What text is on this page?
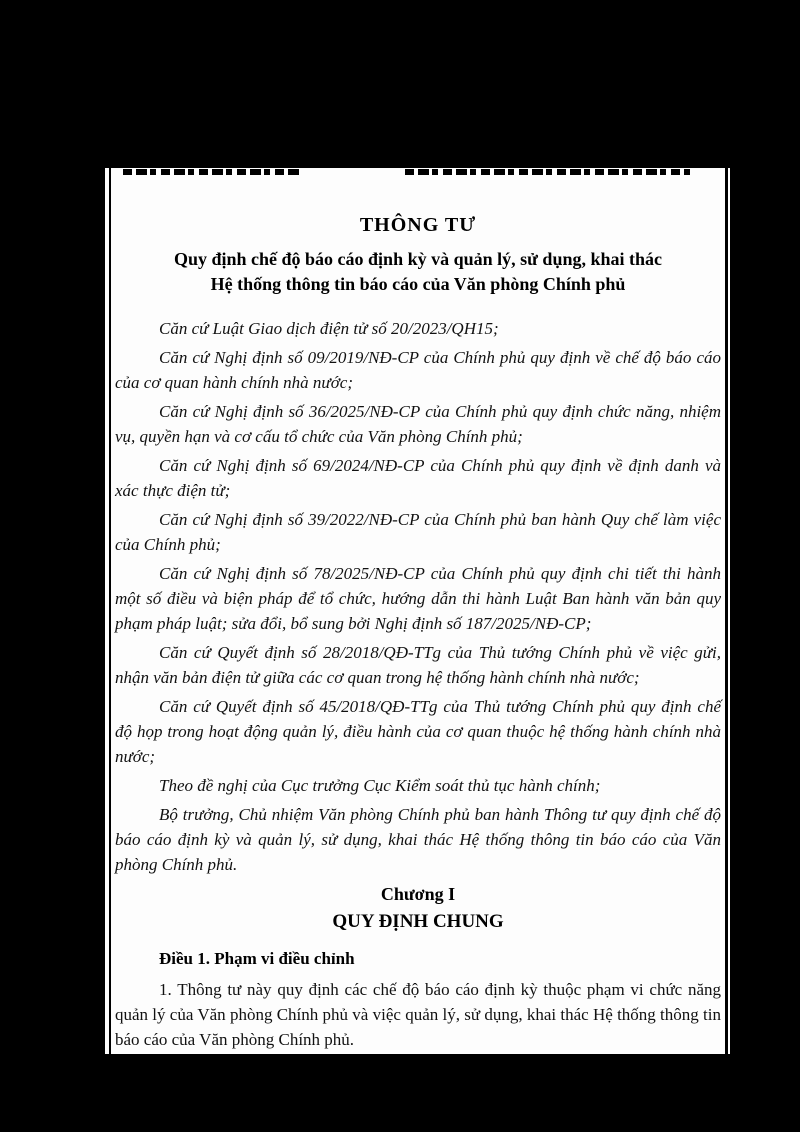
THÔNG TƯ
Quy định chế độ báo cáo định kỳ và quản lý, sử dụng, khai thác
Hệ thống thông tin báo cáo của Văn phòng Chính phủ

Căn cứ Luật Giao dịch điện tử số 20/2023/QH15;

Căn cứ Nghị định số 09/2019/NĐ-CP của Chính phủ quy định về chế độ báo cáo của cơ quan hành chính nhà nước;

Căn cứ Nghị định số 36/2025/NĐ-CP của Chính phủ quy định chức năng, nhiệm vụ, quyền hạn và cơ cấu tổ chức của Văn phòng Chính phủ;

Căn cứ Nghị định số 69/2024/NĐ-CP của Chính phủ quy định về định danh và xác thực điện tử;

Căn cứ Nghị định số 39/2022/NĐ-CP của Chính phủ ban hành Quy chế làm việc của Chính phủ;

Căn cứ Nghị định số 78/2025/NĐ-CP của Chính phủ quy định chi tiết thi hành một số điều và biện pháp để tổ chức, hướng dẫn thi hành Luật Ban hành văn bản quy phạm pháp luật; sửa đổi, bổ sung bởi Nghị định số 187/2025/NĐ-CP;

Căn cứ Quyết định số 28/2018/QĐ-TTg của Thủ tướng Chính phủ về việc gửi, nhận văn bản điện tử giữa các cơ quan trong hệ thống hành chính nhà nước;

Căn cứ Quyết định số 45/2018/QĐ-TTg của Thủ tướng Chính phủ quy định chế độ họp trong hoạt động quản lý, điều hành của cơ quan thuộc hệ thống hành chính nhà nước;

Theo đề nghị của Cục trưởng Cục Kiểm soát thủ tục hành chính;

Bộ trưởng, Chủ nhiệm Văn phòng Chính phủ ban hành Thông tư quy định chế độ báo cáo định kỳ và quản lý, sử dụng, khai thác Hệ thống thông tin báo cáo của Văn phòng Chính phủ.

Chương I
QUY ĐỊNH CHUNG
Điều 1. Phạm vi điều chỉnh

1. Thông tư này quy định các chế độ báo cáo định kỳ thuộc phạm vi chức năng quản lý của Văn phòng Chính phủ và việc quản lý, sử dụng, khai thác Hệ thống thông tin báo cáo của Văn phòng Chính phủ.
